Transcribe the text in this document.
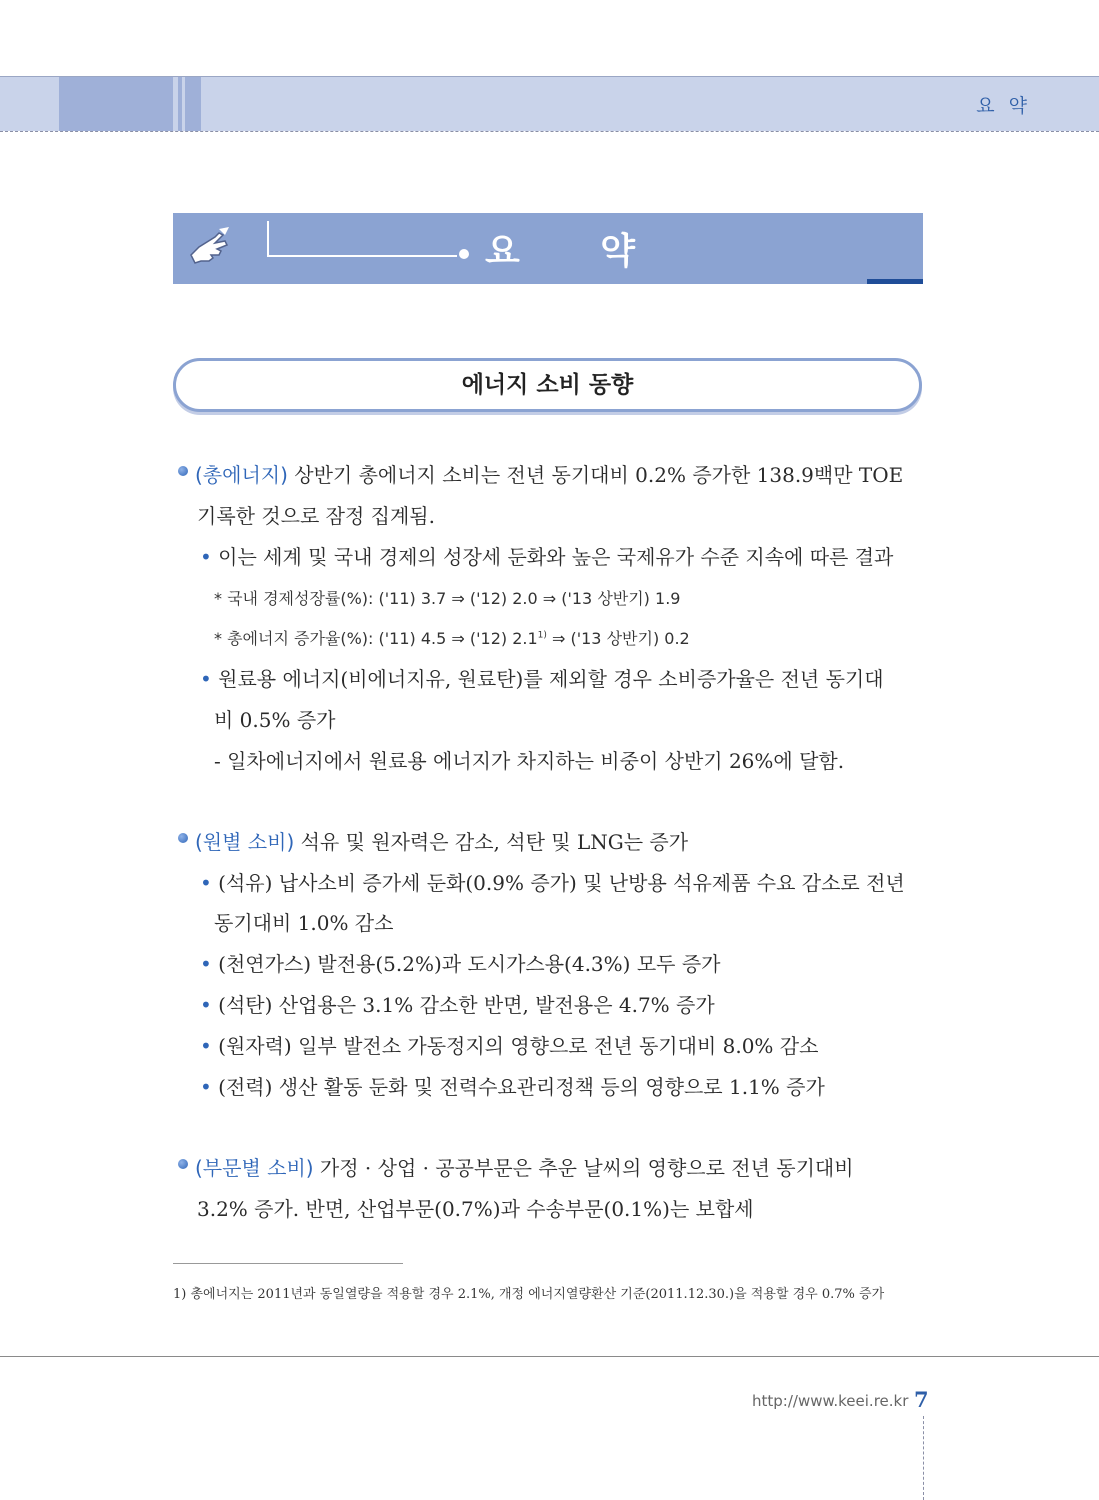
요 약
요 약
에너지 소비 동향
(총에너지) 상반기 총에너지 소비는 전년 동기대비 0.2% 증가한 138.9백만 TOE
기록한 것으로 잠정 집계됨.
• 이는 세계 및 국내 경제의 성장세 둔화와 높은 국제유가 수준 지속에 따른 결과
* 국내 경제성장률(%): ('11) 3.7 ⇒ ('12) 2.0 ⇒ ('13 상반기) 1.9
* 총에너지 증가율(%): ('11) 4.5 ⇒ ('12) 2.1$^{1)}$ ⇒ ('13 상반기) 0.2
• 원료용 에너지(비에너지유, 원료탄)를 제외할 경우 소비증가율은 전년 동기대
비 0.5% 증가
- 일차에너지에서 원료용 에너지가 차지하는 비중이 상반기 26%에 달함.
(원별 소비) 석유 및 원자력은 감소, 석탄 및 LNG는 증가
• (석유) 납사소비 증가세 둔화(0.9% 증가) 및 난방용 석유제품 수요 감소로 전년
동기대비 1.0% 감소
• (천연가스) 발전용(5.2%)과 도시가스용(4.3%) 모두 증가
• (석탄) 산업용은 3.1% 감소한 반면, 발전용은 4.7% 증가
• (원자력) 일부 발전소 가동정지의 영향으로 전년 동기대비 8.0% 감소
• (전력) 생산 활동 둔화 및 전력수요관리정책 등의 영향으로 1.1% 증가
(부문별 소비) 가정 · 상업 · 공공부문은 추운 날씨의 영향으로 전년 동기대비
3.2% 증가. 반면, 산업부문(0.7%)과 수송부문(0.1%)는 보합세
1) 총에너지는 2011년과 동일열량을 적용할 경우 2.1%, 개정 에너지열량환산 기준(2011.12.30.)을 적용할 경우 0.7% 증가
http://www.keei.re.kr 7
